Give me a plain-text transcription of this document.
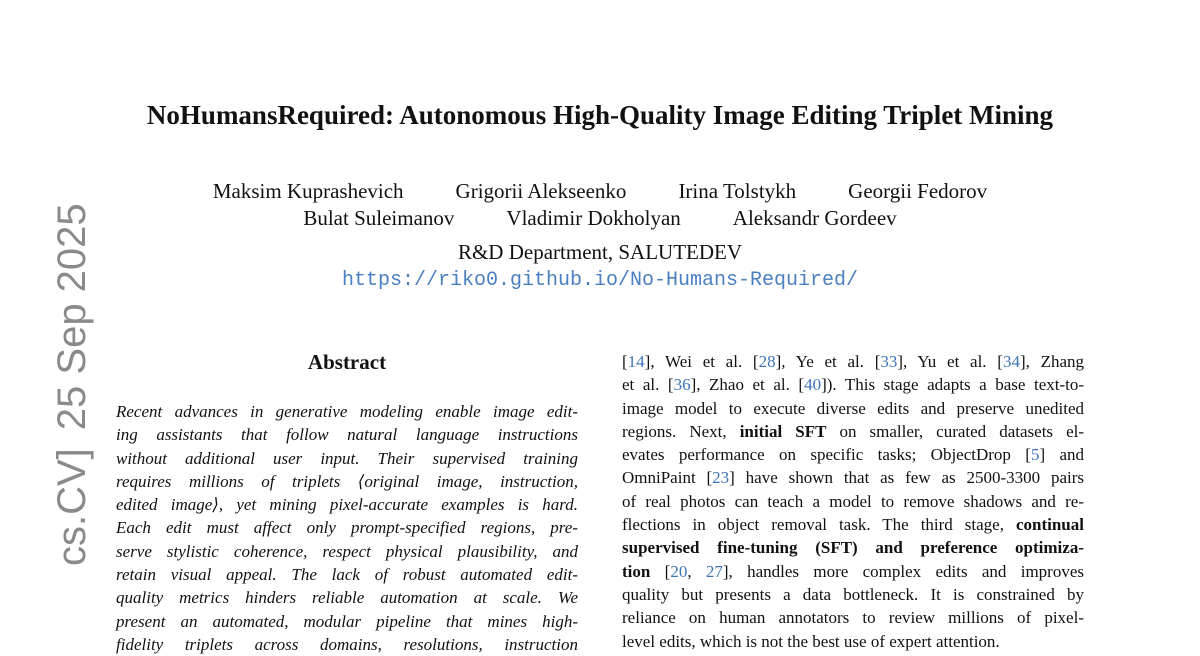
NoHumansRequired: Autonomous High-Quality Image Editing Triplet Mining
Maksim Kuprashevich Grigorii Alekseenko Irina Tolstykh Georgii Fedorov
Bulat Suleimanov Vladimir Dokholyan Aleksandr Gordeev
R&D Department, SALUTEDEV
https://riko0.github.io/No-Humans-Required/
cs.CV]25 Sep 2025	Abstract
Recent advances in generative modeling enable image edit-
ing assistants that follow natural language instructions
without additional user input. Their supervised training
requires millions of triplets ⟨original image, instruction,
edited image⟩, yet mining pixel-accurate examples is hard.
Each edit must affect only prompt-specified regions, pre-
serve stylistic coherence, respect physical plausibility, and
retain visual appeal. The lack of robust automated edit-
quality metrics hinders reliable automation at scale. We
present an automated, modular pipeline that mines high-
fidelity triplets across domains, resolutions, instruction
[14], Wei et al. [28], Ye et al. [33], Yu et al. [34], Zhang
et al. [36], Zhao et al. [40]). This stage adapts a base text-to-
image model to execute diverse edits and preserve unedited
regions. Next, initial SFT on smaller, curated datasets el-
evates performance on specific tasks; ObjectDrop [5] and
OmniPaint [23] have shown that as few as 2500-3300 pairs
of real photos can teach a model to remove shadows and re-
flections in object removal task. The third stage, continual
supervised fine-tuning (SFT) and preference optimiza-
tion [20, 27], handles more complex edits and improves
quality but presents a data bottleneck. It is constrained by
reliance on human annotators to review millions of pixel-
level edits, which is not the best use of expert attention.
